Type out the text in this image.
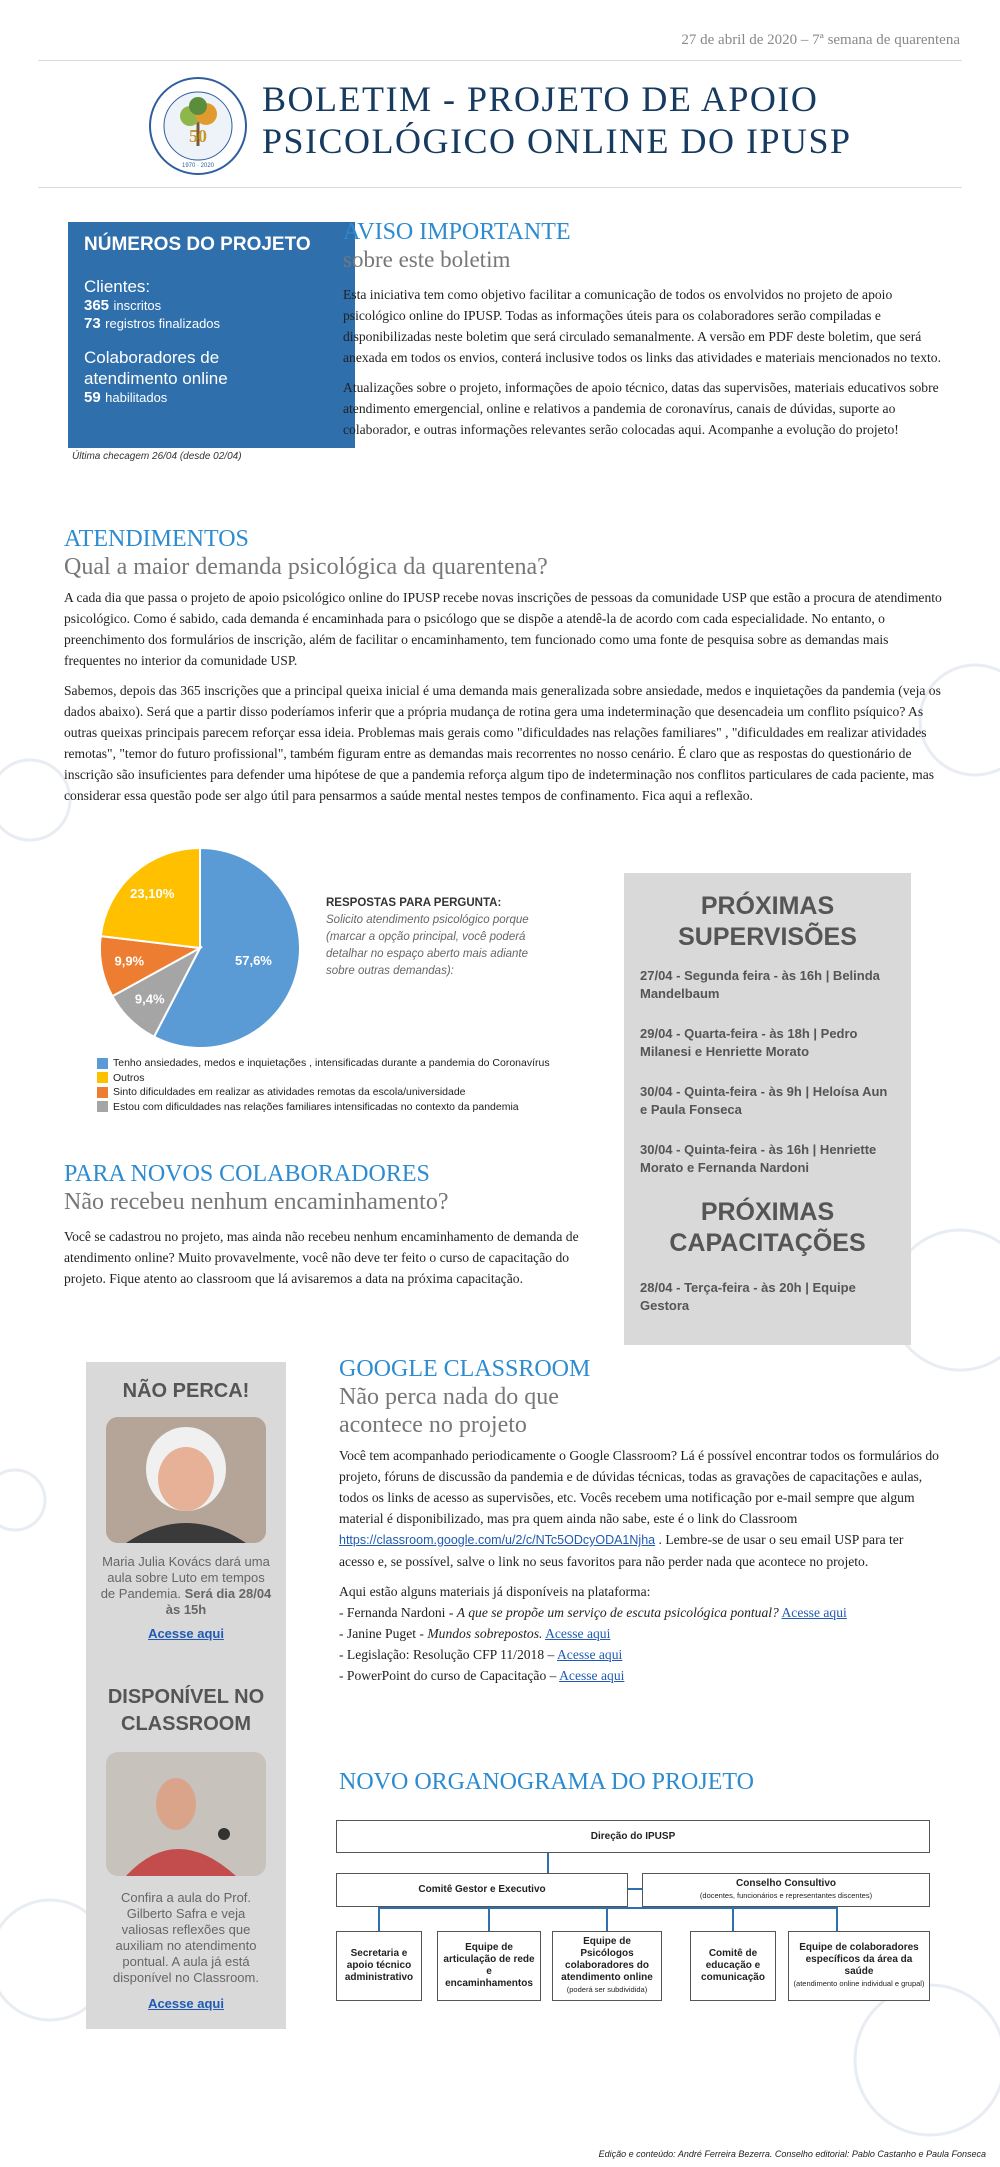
27 de abril de 2020 – 7ª semana de quarentena
50
1970 · 2020
BOLETIM - PROJETO DE APOIO
PSICOLÓGICO ONLINE DO IPUSP
NÚMEROS DO PROJETO
Clientes:
365 inscritos
73 registros finalizados
Colaboradores de
atendimento online
59 habilitados
Última checagem 26/04 (desde 02/04)
AVISO IMPORTANTE
sobre este boletim

Esta iniciativa tem como objetivo facilitar a comunicação de todos os envolvidos no projeto de apoio psicológico online do IPUSP. Todas as informações úteis para os colaboradores serão compiladas e disponibilizadas neste boletim que será circulado semanalmente. A versão em PDF deste boletim, que será anexada em todos os envios, conterá inclusive todos os links das atividades e materiais mencionados no texto.

Atualizações sobre o projeto, informações de apoio técnico, datas das supervisões, materiais educativos sobre atendimento emergencial, online e relativos a pandemia de coronavírus, canais de dúvidas, suporte ao colaborador, e outras informações relevantes serão colocadas aqui. Acompanhe a evolução do projeto!

ATENDIMENTOS
Qual a maior demanda psicológica da quarentena?

A cada dia que passa o projeto de apoio psicológico online do IPUSP recebe novas inscrições de pessoas da comunidade USP que estão a procura de atendimento psicológico. Como é sabido, cada demanda é encaminhada para o psicólogo que se dispõe a atendê-la de acordo com cada especialidade. No entanto, o preenchimento dos formulários de inscrição, além de facilitar o encaminhamento, tem funcionado como uma fonte de pesquisa sobre as demandas mais frequentes no interior da comunidade USP.

Sabemos, depois das 365 inscrições que a principal queixa inicial é uma demanda mais generalizada sobre ansiedade, medos e inquietações da pandemia (veja os dados abaixo). Será que a partir disso poderíamos inferir que a própria mudança de rotina gera uma indeterminação que desencadeia um conflito psíquico? As outras queixas principais parecem reforçar essa ideia. Problemas mais gerais como "dificuldades nas relações familiares" , "dificuldades em realizar atividades remotas", "temor do futuro profissional", também figuram entre as demandas mais recorrentes no nosso cenário. É claro que as respostas do questionário de inscrição são insuficientes para defender uma hipótese de que a pandemia reforça algum tipo de indeterminação nos conflitos particulares de cada paciente, mas considerar essa questão pode ser algo útil para pensarmos a saúde mental nestes tempos de confinamento. Fica aqui a reflexão.

57,6%
9,4%
9,9%
23,10%
RESPOSTAS PARA PERGUNTA:
Solicito atendimento psicológico porque (marcar a opção principal, você poderá detalhar no espaço aberto mais adiante sobre outras demandas):
Tenho ansiedades, medos e inquietações , intensificadas durante a pandemia do Coronavírus
Outros
Sinto dificuldades em realizar as atividades remotas da escola/universidade
Estou com dificuldades nas relações familiares intensificadas no contexto da pandemia
PRÓXIMAS
SUPERVISÕES
27/04 - Segunda feira - às 16h | Belinda Mandelbaum
29/04 - Quarta-feira - às 18h | Pedro Milanesi e Henriette Morato
30/04 - Quinta-feira - às 9h | Heloísa Aun e Paula Fonseca
30/04 - Quinta-feira - às 16h | Henriette Morato e Fernanda Nardoni
PRÓXIMAS
CAPACITAÇÕES
28/04 - Terça-feira - às 20h | Equipe Gestora
PARA NOVOS COLABORADORES
Não recebeu nenhum encaminhamento?

Você se cadastrou no projeto, mas ainda não recebeu nenhum encaminhamento de demanda de atendimento online? Muito provavelmente, você não deve ter feito o curso de capacitação do projeto. Fique atento ao classroom que lá avisaremos a data na próxima capacitação.

NÃO PERCA!
Maria Julia Kovács dará uma aula sobre Luto em tempos de Pandemia. Será dia 28/04 às 15h
Acesse aqui
DISPONÍVEL NO
CLASSROOM
Confira a aula do Prof. Gilberto Safra e veja valiosas reflexões que auxiliam no atendimento pontual. A aula já está disponível no Classroom.
Acesse aqui
GOOGLE CLASSROOM
Não perca nada do que
acontece no projeto

Você tem acompanhado periodicamente o Google Classroom? Lá é possível encontrar todos os formulários do projeto, fóruns de discussão da pandemia e de dúvidas técnicas, todas as gravações de capacitações e aulas, todos os links de acesso as supervisões, etc. Vocês recebem uma notificação por e-mail sempre que algum material é disponibilizado, mas pra quem ainda não sabe, este é o link do Classroom https://classroom.google.com/u/2/c/NTc5ODcyODA1Njha . Lembre-se de usar o seu email USP para ter acesso e, se possível, salve o link no seus favoritos para não perder nada que acontece no projeto.

Aqui estão alguns materiais já disponíveis na plataforma:

- Fernanda Nardoni - A que se propõe um serviço de escuta psicológica pontual? Acesse aqui
- Janine Puget - Mundos sobrepostos. Acesse aqui
- Legislação: Resolução CFP 11/2018 – Acesse aqui
- PowerPoint do curso de Capacitação – Acesse aqui
NOVO ORGANOGRAMA DO PROJETO
Direção do IPUSP
Comitê Gestor e Executivo
Conselho Consultivo
(docentes, funcionários e representantes discentes)
Secretaria e apoio técnico administrativo
Equipe de articulação de rede e encaminhamentos
Equipe de Psicólogos colaboradores do atendimento online
(poderá ser subdividida)
Comitê de educação e comunicação
Equipe de colaboradores específicos da área da saúde
(atendimento online individual e grupal)
Edição e conteúdo: André Ferreira Bezerra. Conselho editorial: Pablo Castanho e Paula Fonseca
